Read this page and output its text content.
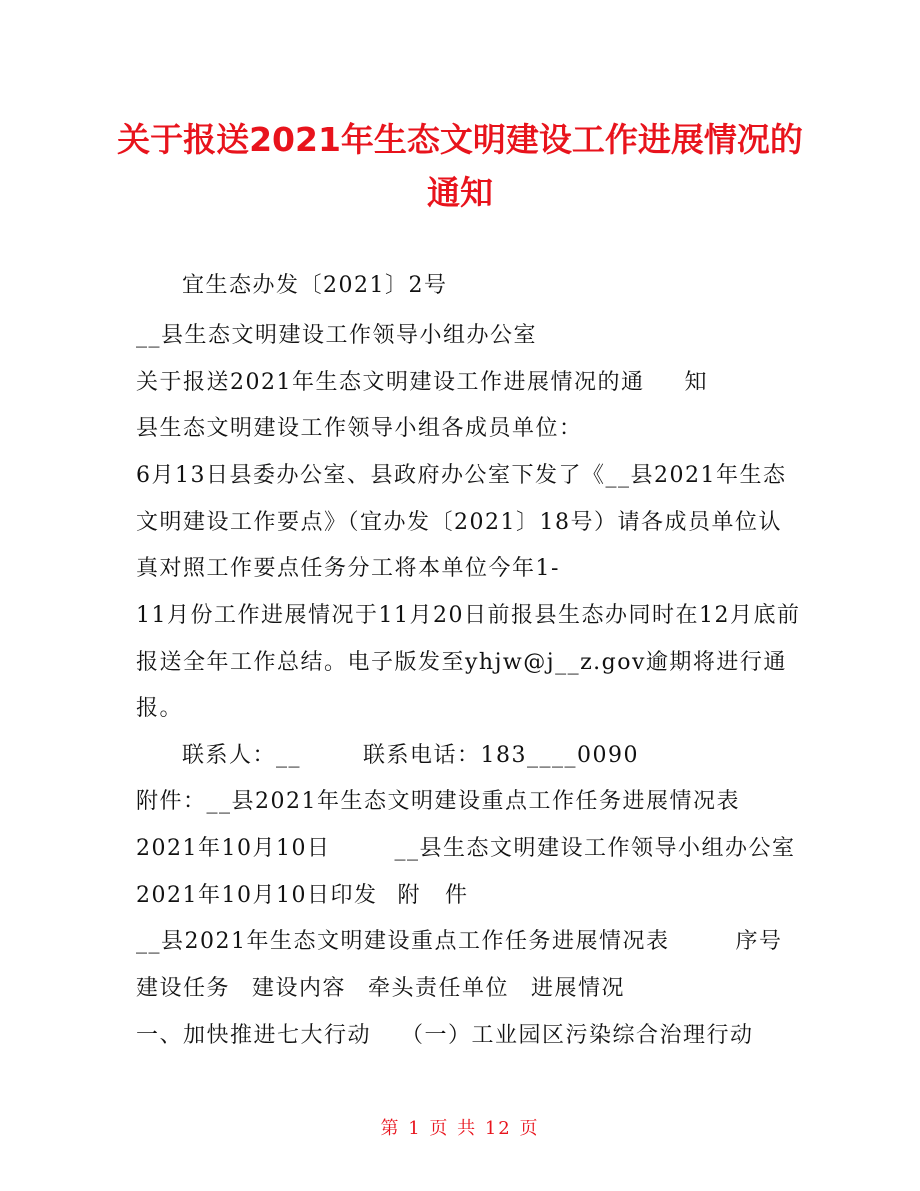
关于报送2021年生态文明建设工作进展情况的
通知
宜生态办发〔2021〕2号
__县生态文明建设工作领导小组办公室
关于报送2021年生态文明建设工作进展情况的通 知
县生态文明建设工作领导小组各成员单位：
6月13日县委办公室、县政府办公室下发了《__县2021年生态
文明建设工作要点》（宜办发〔2021〕18号）请各成员单位认
真对照工作要点任务分工将本单位今年1-
11月份工作进展情况于11月20日前报县生态办同时在12月底前
报送全年工作总结。电子版发至yhjw@j__z.gov逾期将进行通
报。
联系人：__	联系电话：183____0090
附件：__县2021年生态文明建设重点工作任务进展情况表
2021年10月10日	__县生态文明建设工作领导小组办公室
2021年10月10日印发 附 件
__县2021年生态文明建设重点工作任务进展情况表	序号
建设任务 建设内容 牵头责任单位 进展情况
一、加快推进七大行动 （一）工业园区污染综合治理行动
第 1 页 共 12 页
